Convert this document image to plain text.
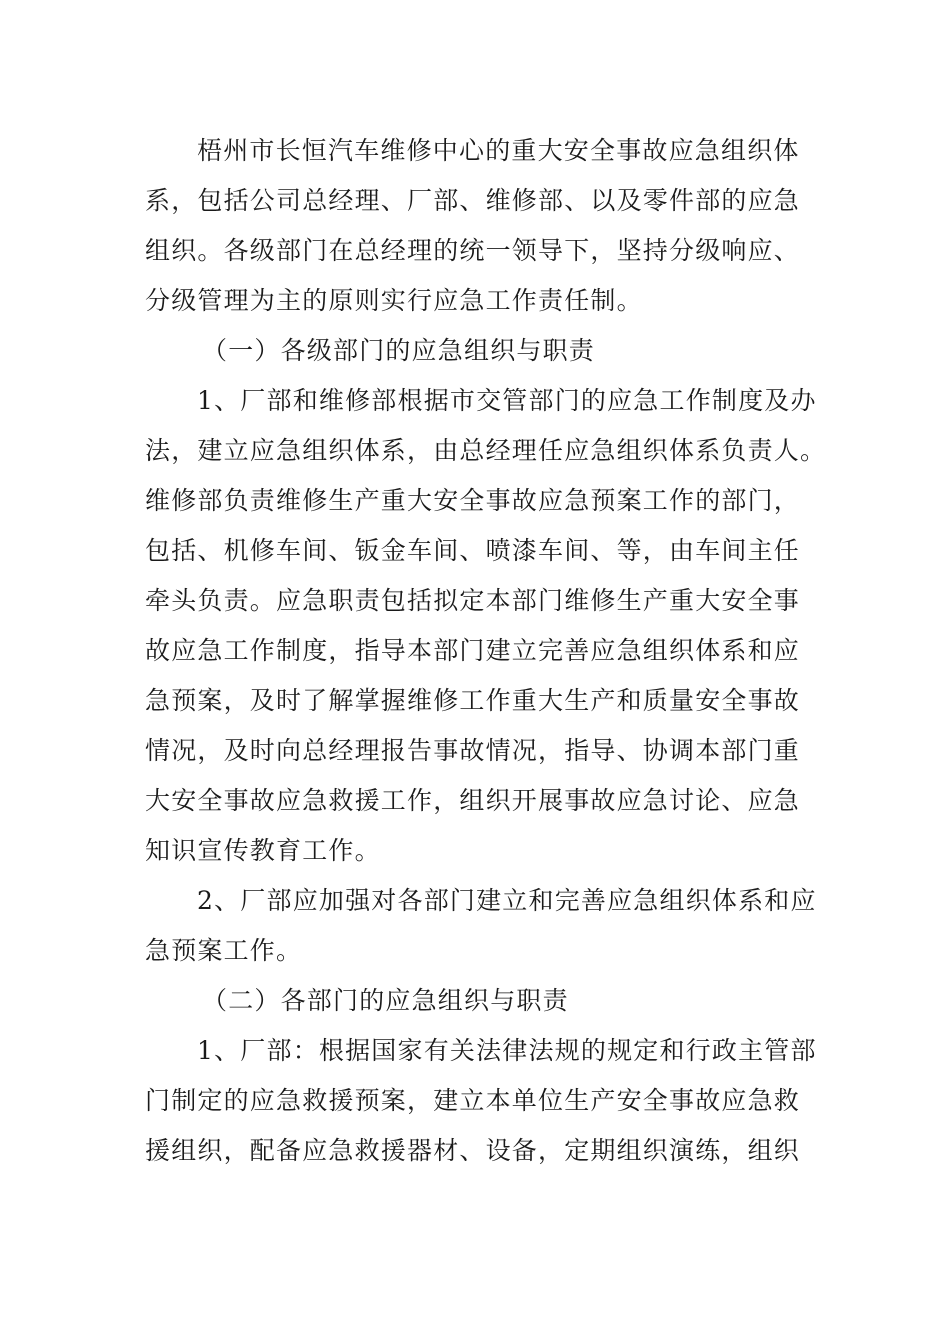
梧州市长恒汽车维修中心的重大安全事故应急组织体
系，包括公司总经理、厂部、维修部、以及零件部的应急
组织。各级部门在总经理的统一领导下，坚持分级响应、
分级管理为主的原则实行应急工作责任制。
（一）各级部门的应急组织与职责
1、厂部和维修部根据市交管部门的应急工作制度及办
法，建立应急组织体系，由总经理任应急组织体系负责人。
维修部负责维修生产重大安全事故应急预案工作的部门，
包括、机修车间、钣金车间、喷漆车间、等，由车间主任
牵头负责。应急职责包括拟定本部门维修生产重大安全事
故应急工作制度，指导本部门建立完善应急组织体系和应
急预案，及时了解掌握维修工作重大生产和质量安全事故
情况，及时向总经理报告事故情况，指导、协调本部门重
大安全事故应急救援工作，组织开展事故应急讨论、应急
知识宣传教育工作。
2、厂部应加强对各部门建立和完善应急组织体系和应
急预案工作。
（二）各部门的应急组织与职责
1、厂部：根据国家有关法律法规的规定和行政主管部
门制定的应急救援预案，建立本单位生产安全事故应急救
援组织，配备应急救援器材、设备，定期组织演练，组织
